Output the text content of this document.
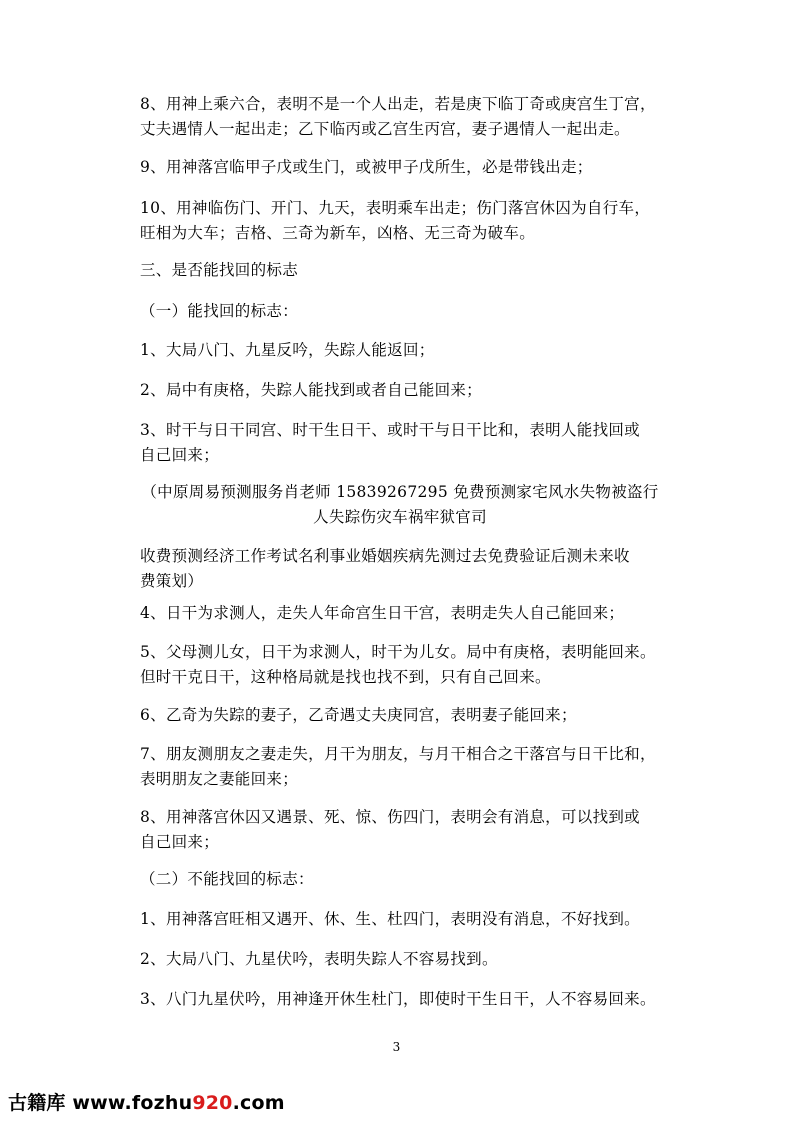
8、用神上乘六合，表明不是一个人出走，若是庚下临丁奇或庚宫生丁宫，
丈夫遇情人一起出走；乙下临丙或乙宫生丙宫，妻子遇情人一起出走。
9、用神落宫临甲子戊或生门，或被甲子戊所生，必是带钱出走；
10、用神临伤门、开门、九天，表明乘车出走；伤门落宫休囚为自行车，
旺相为大车；吉格、三奇为新车，凶格、无三奇为破车。
三、是否能找回的标志
（一）能找回的标志：
1、大局八门、九星反吟，失踪人能返回；
2、局中有庚格，失踪人能找到或者自己能回来；
3、时干与日干同宫、时干生日干、或时干与日干比和，表明人能找回或
自己回来；
（中原周易预测服务肖老师 15839267295 免费预测家宅风水失物被盗行
人失踪伤灾车祸牢狱官司
收费预测经济工作考试名利事业婚姻疾病先测过去免费验证后测未来收
费策划）
4、日干为求测人，走失人年命宫生日干宫，表明走失人自己能回来；
5、父母测儿女，日干为求测人，时干为儿女。局中有庚格，表明能回来。
但时干克日干，这种格局就是找也找不到，只有自己回来。
6、乙奇为失踪的妻子，乙奇遇丈夫庚同宫，表明妻子能回来；
7、朋友测朋友之妻走失，月干为朋友，与月干相合之干落宫与日干比和，
表明朋友之妻能回来；
8、用神落宫休囚又遇景、死、惊、伤四门，表明会有消息，可以找到或
自己回来；
（二）不能找回的标志：
1、用神落宫旺相又遇开、休、生、杜四门，表明没有消息，不好找到。
2、大局八门、九星伏吟，表明失踪人不容易找到。
3、八门九星伏吟，用神逢开休生杜门，即使时干生日干，人不容易回来。
3
古籍库 www.fozhu920.com
